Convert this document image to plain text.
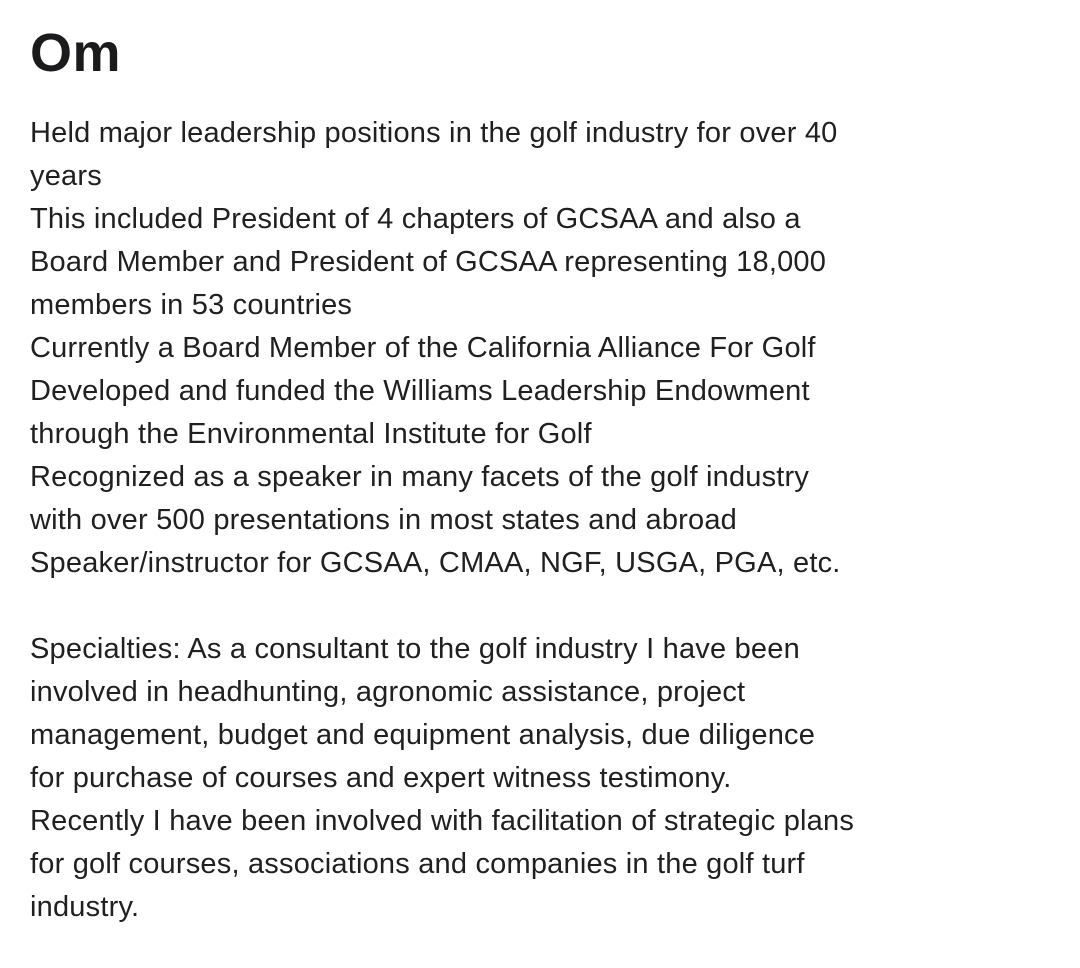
Om
Held major leadership positions in the golf industry for over 40
years
This included President of 4 chapters of GCSAA and also a
Board Member and President of GCSAA representing 18,000
members in 53 countries
Currently a Board Member of the California Alliance For Golf
Developed and funded the Williams Leadership Endowment
through the Environmental Institute for Golf
Recognized as a speaker in many facets of the golf industry
with over 500 presentations in most states and abroad
Speaker/instructor for GCSAA, CMAA, NGF, USGA, PGA, etc.
Specialties: As a consultant to the golf industry I have been
involved in headhunting, agronomic assistance, project
management, budget and equipment analysis, due diligence
for purchase of courses and expert witness testimony.
Recently I have been involved with facilitation of strategic plans
for golf courses, associations and companies in the golf turf
industry.
